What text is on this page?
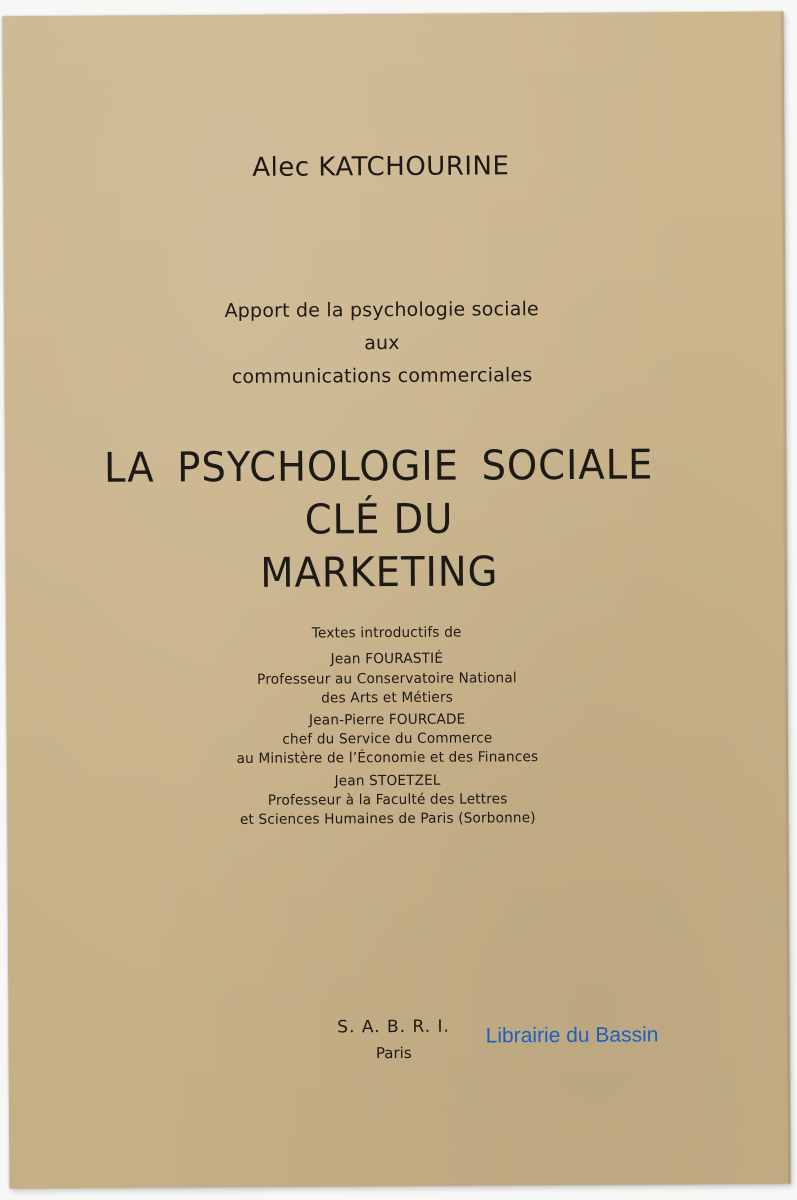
Alec KATCHOURINE
Apport de la psychologie sociale
aux
communications commerciales
LA PSYCHOLOGIE SOCIALE
CLÉ DU
MARKETING
Textes introductifs de
Jean FOURASTIÉ
Professeur au Conservatoire National
des Arts et Métiers
Jean-Pierre FOURCADE
chef du Service du Commerce
au Ministère de l’Économie et des Finances
Jean STOETZEL
Professeur à la Faculté des Lettres
et Sciences Humaines de Paris (Sorbonne)
S. A. B. R. I.
Paris
Librairie du Bassin
